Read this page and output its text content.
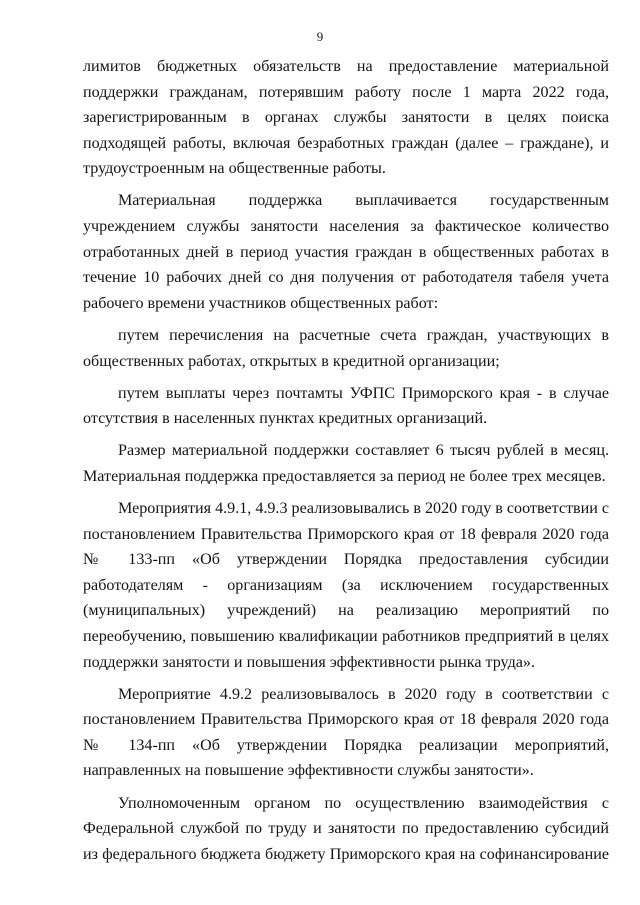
9

лимитов бюджетных обязательств на предоставление материальной поддержки гражданам, потерявшим работу после 1 марта 2022 года, зарегистрированным в органах службы занятости в целях поиска подходящей работы, включая безработных граждан (далее – граждане), и трудоустроенным на общественные работы.

Материальная поддержка выплачивается государственным учреждением службы занятости населения за фактическое количество отработанных дней в период участия граждан в общественных работах в течение 10 рабочих дней со дня получения от работодателя табеля учета рабочего времени участников общественных работ:

путем перечисления на расчетные счета граждан, участвующих в общественных работах, открытых в кредитной организации;

путем выплаты через почтамты УФПС Приморского края - в случае отсутствия в населенных пунктах кредитных организаций.

Размер материальной поддержки составляет 6 тысяч рублей в месяц. Материальная поддержка предоставляется за период не более трех месяцев.

Мероприятия 4.9.1, 4.9.3 реализовывались в 2020 году в соответствии с постановлением Правительства Приморского края от 18 февраля 2020 года № 133-пп «Об утверждении Порядка предоставления субсидии работодателям - организациям (за исключением государственных (муниципальных) учреждений) на реализацию мероприятий по переобучению, повышению квалификации работников предприятий в целях поддержки занятости и повышения эффективности рынка труда».

Мероприятие 4.9.2 реализовывалось в 2020 году в соответствии с постановлением Правительства Приморского края от 18 февраля 2020 года № 134-пп «Об утверждении Порядка реализации мероприятий, направленных на повышение эффективности службы занятости».

Уполномоченным органом по осуществлению взаимодействия с Федеральной службой по труду и занятости по предоставлению субсидий из федерального бюджета бюджету Приморского края на софинансирование
